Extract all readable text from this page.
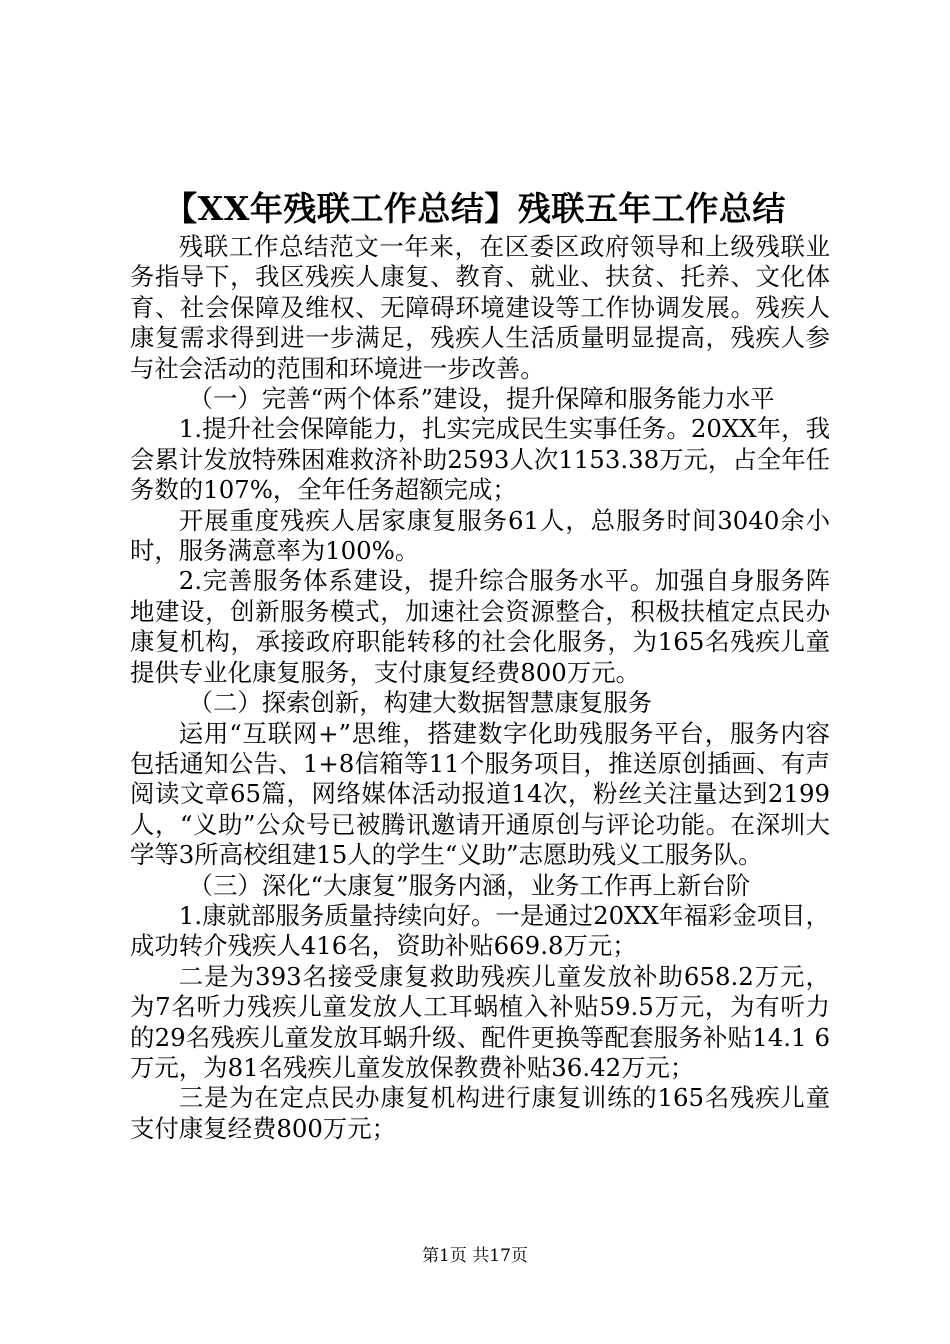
【XX年残联工作总结】残联五年工作总结

残联工作总结范文一年来，在区委区政府领导和上级残联业务指导下，我区残疾人康复、教育、就业、扶贫、托养、文化体育、社会保障及维权、无障碍环境建设等工作协调发展。残疾人康复需求得到进一步满足，残疾人生活质量明显提高，残疾人参与社会活动的范围和环境进一步改善。

（一）完善“两个体系”建设，提升保障和服务能力水平

1.提升社会保障能力，扎实完成民生实事任务。20XX年，我会累计发放特殊困难救济补助2593人次1153.38万元，占全年任务数的107%，全年任务超额完成；

开展重度残疾人居家康复服务61人，总服务时间3040余小时，服务满意率为100%。

2.完善服务体系建设，提升综合服务水平。加强自身服务阵地建设，创新服务模式，加速社会资源整合，积极扶植定点民办康复机构，承接政府职能转移的社会化服务，为165名残疾儿童提供专业化康复服务，支付康复经费800万元。

（二）探索创新，构建大数据智慧康复服务

运用“互联网+”思维，搭建数字化助残服务平台，服务内容包括通知公告、1+8信箱等11个服务项目，推送原创插画、有声阅读文章65篇，网络媒体活动报道14次，粉丝关注量达到2199人，“义助”公众号已被腾讯邀请开通原创与评论功能。在深圳大学等3所高校组建15人的学生“义助”志愿助残义工服务队。

（三）深化“大康复”服务内涵，业务工作再上新台阶

1.康就部服务质量持续向好。一是通过20XX年福彩金项目，成功转介残疾人416名，资助补贴669.8万元；

二是为393名接受康复救助残疾儿童发放补助658.2万元，为7名听力残疾儿童发放人工耳蜗植入补贴59.5万元，为有听力的29名残疾儿童发放耳蜗升级、配件更换等配套服务补贴14.1 6万元，为81名残疾儿童发放保教费补贴36.42万元；

三是为在定点民办康复机构进行康复训练的165名残疾儿童支付康复经费800万元；

第1页 共17页
